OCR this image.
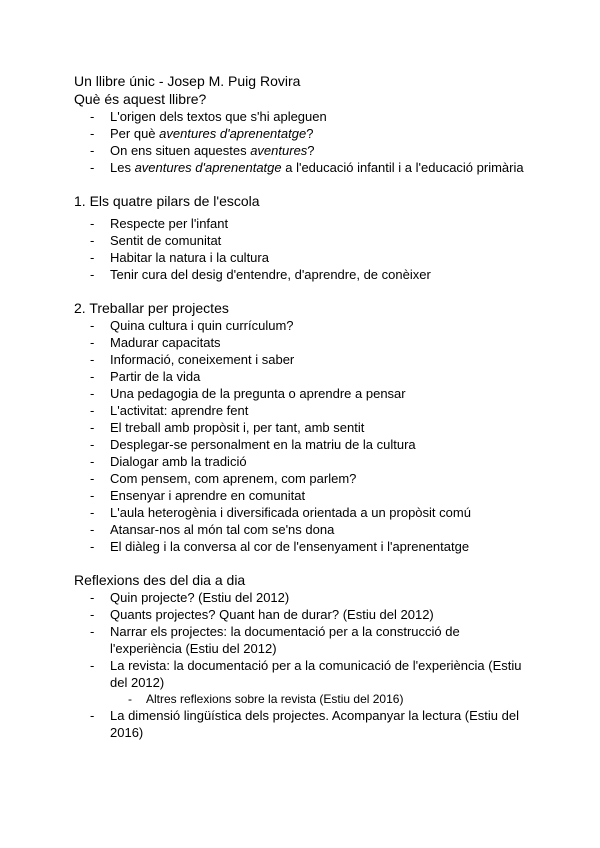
Un llibre únic - Josep M. Puig Rovira
Què és aquest llibre?
- L'origen dels textos que s'hi apleguen
- Per què aventures d'aprenentatge?
- On ens situen aquestes aventures?
- Les aventures d'aprenentatge a l'educació infantil i a l'educació primària
1. Els quatre pilars de l'escola
- Respecte per l'infant
- Sentit de comunitat
- Habitar la natura i la cultura
- Tenir cura del desig d'entendre, d'aprendre, de conèixer
2. Treballar per projectes
- Quina cultura i quin currículum?
- Madurar capacitats
- Informació, coneixement i saber
- Partir de la vida
- Una pedagogia de la pregunta o aprendre a pensar
- L'activitat: aprendre fent
- El treball amb propòsit i, per tant, amb sentit
- Desplegar-se personalment en la matriu de la cultura
- Dialogar amb la tradició
- Com pensem, com aprenem, com parlem?
- Ensenyar i aprendre en comunitat
- L'aula heterogènia i diversificada orientada a un propòsit comú
- Atansar-nos al món tal com se'ns dona
- El diàleg i la conversa al cor de l'ensenyament i l'aprenentatge
Reflexions des del dia a dia
- Quin projecte? (Estiu del 2012)
- Quants projectes? Quant han de durar? (Estiu del 2012)
- Narrar els projectes: la documentació per a la construcció de l'experiència (Estiu del 2012)
- La revista: la documentació per a la comunicació de l'experiència (Estiu del 2012)
- Altres reflexions sobre la revista (Estiu del 2016)
- La dimensió lingüística dels projectes. Acompanyar la lectura (Estiu del 2016)
